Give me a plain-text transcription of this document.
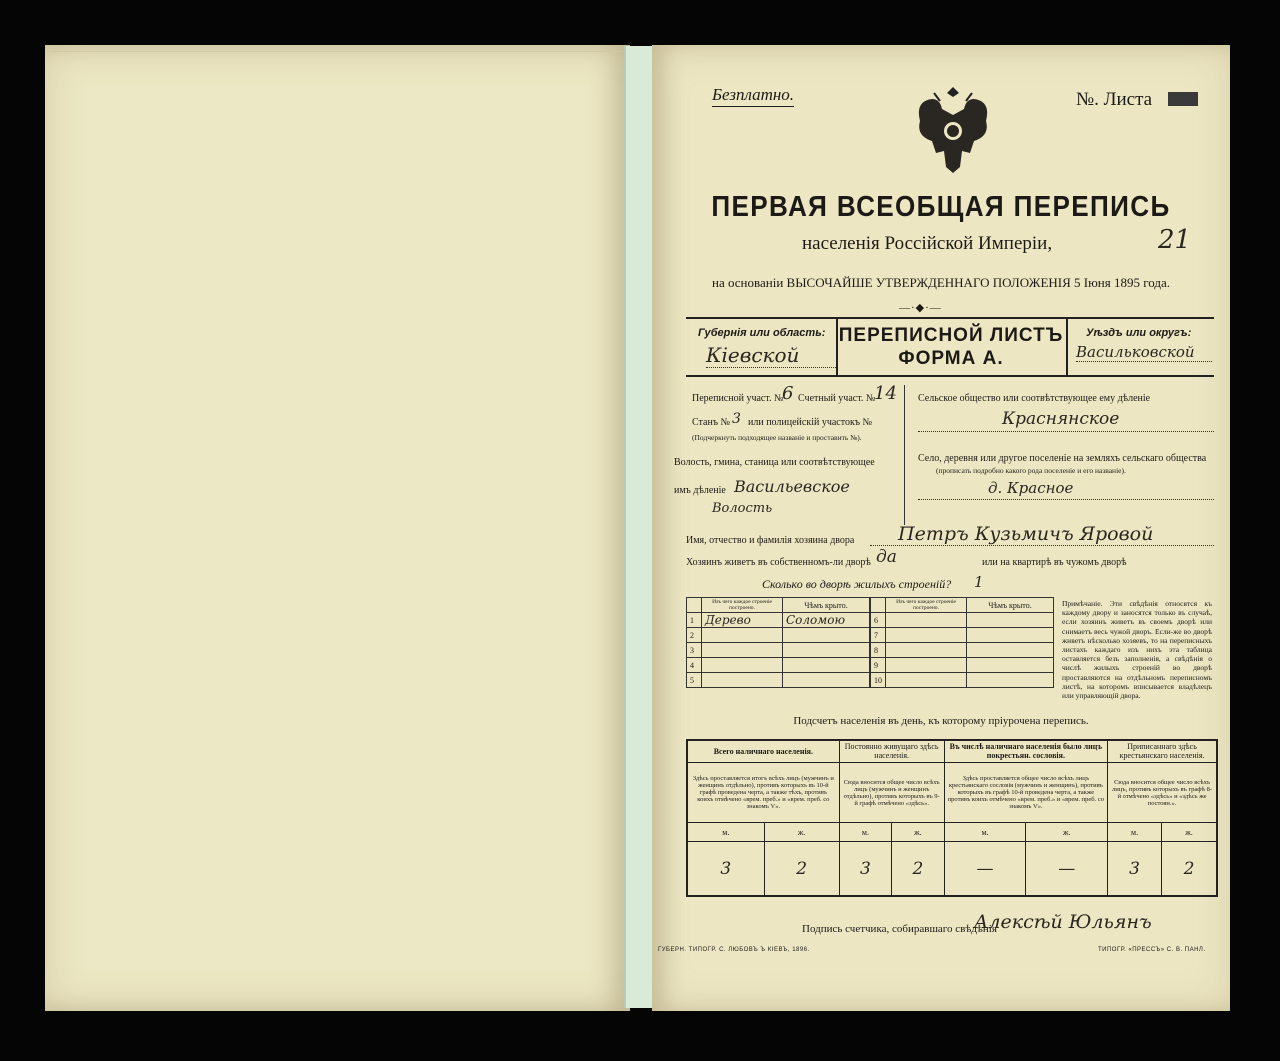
Безплатно.	№. Листа
ПЕРВАЯ ВСЕОБЩАЯ ПЕРЕПИСЬ
населенія Россійской Имперіи,	21
на основаніи ВЫСОЧАЙШЕ УТВЕРЖДЕННАГО ПОЛОЖЕНІЯ 5 Іюня 1895 года.
—·◆·—
Губернія или область:
Кiевской
ПЕРЕПИСНОЙ ЛИСТЪ
ФОРМА А.
Уѣздъ или округъ:
Васильковской
Переписной участ. №
6 Счетный участ. №
14
Станъ № 3 или полицейскій участокъ №
(Подчеркнуть подходящее названіе и проставить №).
Волость, гмина, станица или соотвѣтствующее
имъ дѣленіе Васильевское
Волость
Сельское общество или соотвѣтствующее ему дѣленіе
Краснянское
Село, деревня или другое поселеніе на земляхъ сельскаго общества
(прописать подробно какого рода поселеніе и его названіе).
д. Красное
Имя, отчество и фамилія хозяина двора Петръ Кузьмичъ Яровой
Хозяинъ живетъ въ собственномъ-ли дворѣ да	или на квартирѣ въ чужомъ дворѣ
Сколько во дворѣ жилыхъ строеній? 1
	Изъ чего каждое строеніе построено.	Чѣмъ крыто.
1	Дерево	Соломою
2		
3		
4		
5		
	Изъ чего каждое строеніе построено.	Чѣмъ крыто.
6		
7		
8		
9		
10		
Примѣчаніе. Эти свѣдѣнія относятся къ каждому двору и заносятся только въ случаѣ, если хозяинъ живетъ въ своемъ дворѣ или снимаетъ весь чужой дворъ. Если-же во дворѣ живетъ нѣсколько хозяевъ, то на переписныхъ листахъ каждаго изъ нихъ эта таблица оставляется безъ заполненія, а свѣдѣнія о числѣ жилыхъ строеній во дворѣ проставляются на отдѣльномъ переписномъ листѣ, на которомъ вписывается владѣлецъ или управляющій двора.
Подсчетъ населенія въ день, къ которому пріурочена перепись.
Всего наличнаго населенія.		Постоянно живущаго здѣсь населенія.		Въ числѣ наличнаго населенія было лицъ покрестьян. сословія.		Приписаннаго здѣсь крестьянскаго населенія.	
Здѣсь проставляется итогъ всѣхъ лицъ (мужчинъ и женщинъ отдѣльно), противъ которыхъ въ 10-й графѣ проведена черта, а также тѣхъ, противъ коихъ отмѣчено «врем. преб.» и «врем. преб. со знакомъ V».		Сюда вносится общее число всѣхъ лицъ (мужчинъ и женщинъ отдѣльно), противъ которыхъ въ 9-й графѣ отмѣчено «здѣсь».		Здѣсь проставляется общее число всѣхъ лицъ крестьянскаго сословія (мужчинъ и женщинъ), противъ которыхъ въ графѣ 10-й проведена черта, а также противъ коихъ отмѣчено «врем. преб.» и «врем. преб. со знакомъ V».		Сюда вносится общее число всѣхъ лицъ, противъ которыхъ въ графѣ 8-й отмѣчено «здѣсь» и «здѣсь же постоян.».	
м.	ж.	м.	ж.	м.	ж.	м.	ж.
3	2	3	2	—	—	3	2
Подпись счетчика, собиравшаго свѣдѣнія
Алексѣй Юльянъ
ГУБЕРН. ТИПОГР. С. ЛЮБОВЪ Ъ КІЕВЪ, 1896.	ТИПОГР. «ПРЕССЪ» С. В. ПАНЛ.
